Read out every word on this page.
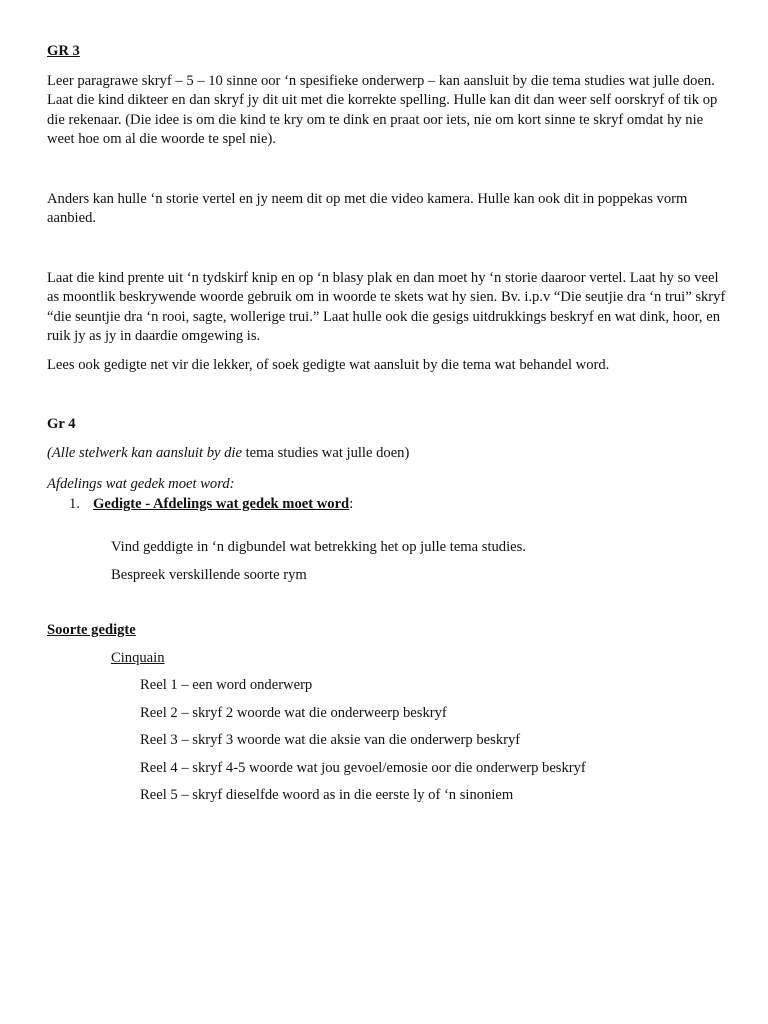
GR 3

Leer paragrawe skryf – 5 – 10 sinne oor ‘n spesifieke onderwerp – kan aansluit by die tema studies wat julle doen. Laat die kind dikteer en dan skryf jy dit uit met die korrekte spelling. Hulle kan dit dan weer self oorskryf of tik op die rekenaar. (Die idee is om die kind te kry om te dink en praat oor iets, nie om kort sinne te skryf omdat hy nie weet hoe om al die woorde te spel nie).

Anders kan hulle ‘n storie vertel en jy neem dit op met die video kamera. Hulle kan ook dit in poppekas vorm aanbied.

Laat die kind prente uit ‘n tydskirf knip en op ‘n blasy plak en dan moet hy ‘n storie daaroor vertel. Laat hy so veel as moontlik beskrywende woorde gebruik om in woorde te skets wat hy sien. Bv. i.p.v “Die seutjie dra ‘n trui” skryf “die seuntjie dra ‘n rooi, sagte, wollerige trui.” Laat hulle ook die gesigs uitdrukkings beskryf en wat dink, hoor, en ruik jy as jy in daardie omgewing is.

Lees ook gedigte net vir die lekker, of soek gedigte wat aansluit by die tema wat behandel word.

Gr 4

(Alle stelwerk kan aansluit by die tema studies wat julle doen)

Afdelings wat gedek moet word:

1. Gedigte - Afdelings wat gedek moet word:

Vind geddigte in ‘n digbundel wat betrekking het op julle tema studies.

Bespreek verskillende soorte rym

Soorte gedigte

Cinquain

Reel 1 – een word onderwerp

Reel 2 – skryf 2 woorde wat die onderweerp beskryf

Reel 3 – skryf 3 woorde wat die aksie van die onderwerp beskryf

Reel 4 – skryf 4-5 woorde wat jou gevoel/emosie oor die onderwerp beskryf

Reel 5 – skryf dieselfde woord as in die eerste ly of ‘n sinoniem
